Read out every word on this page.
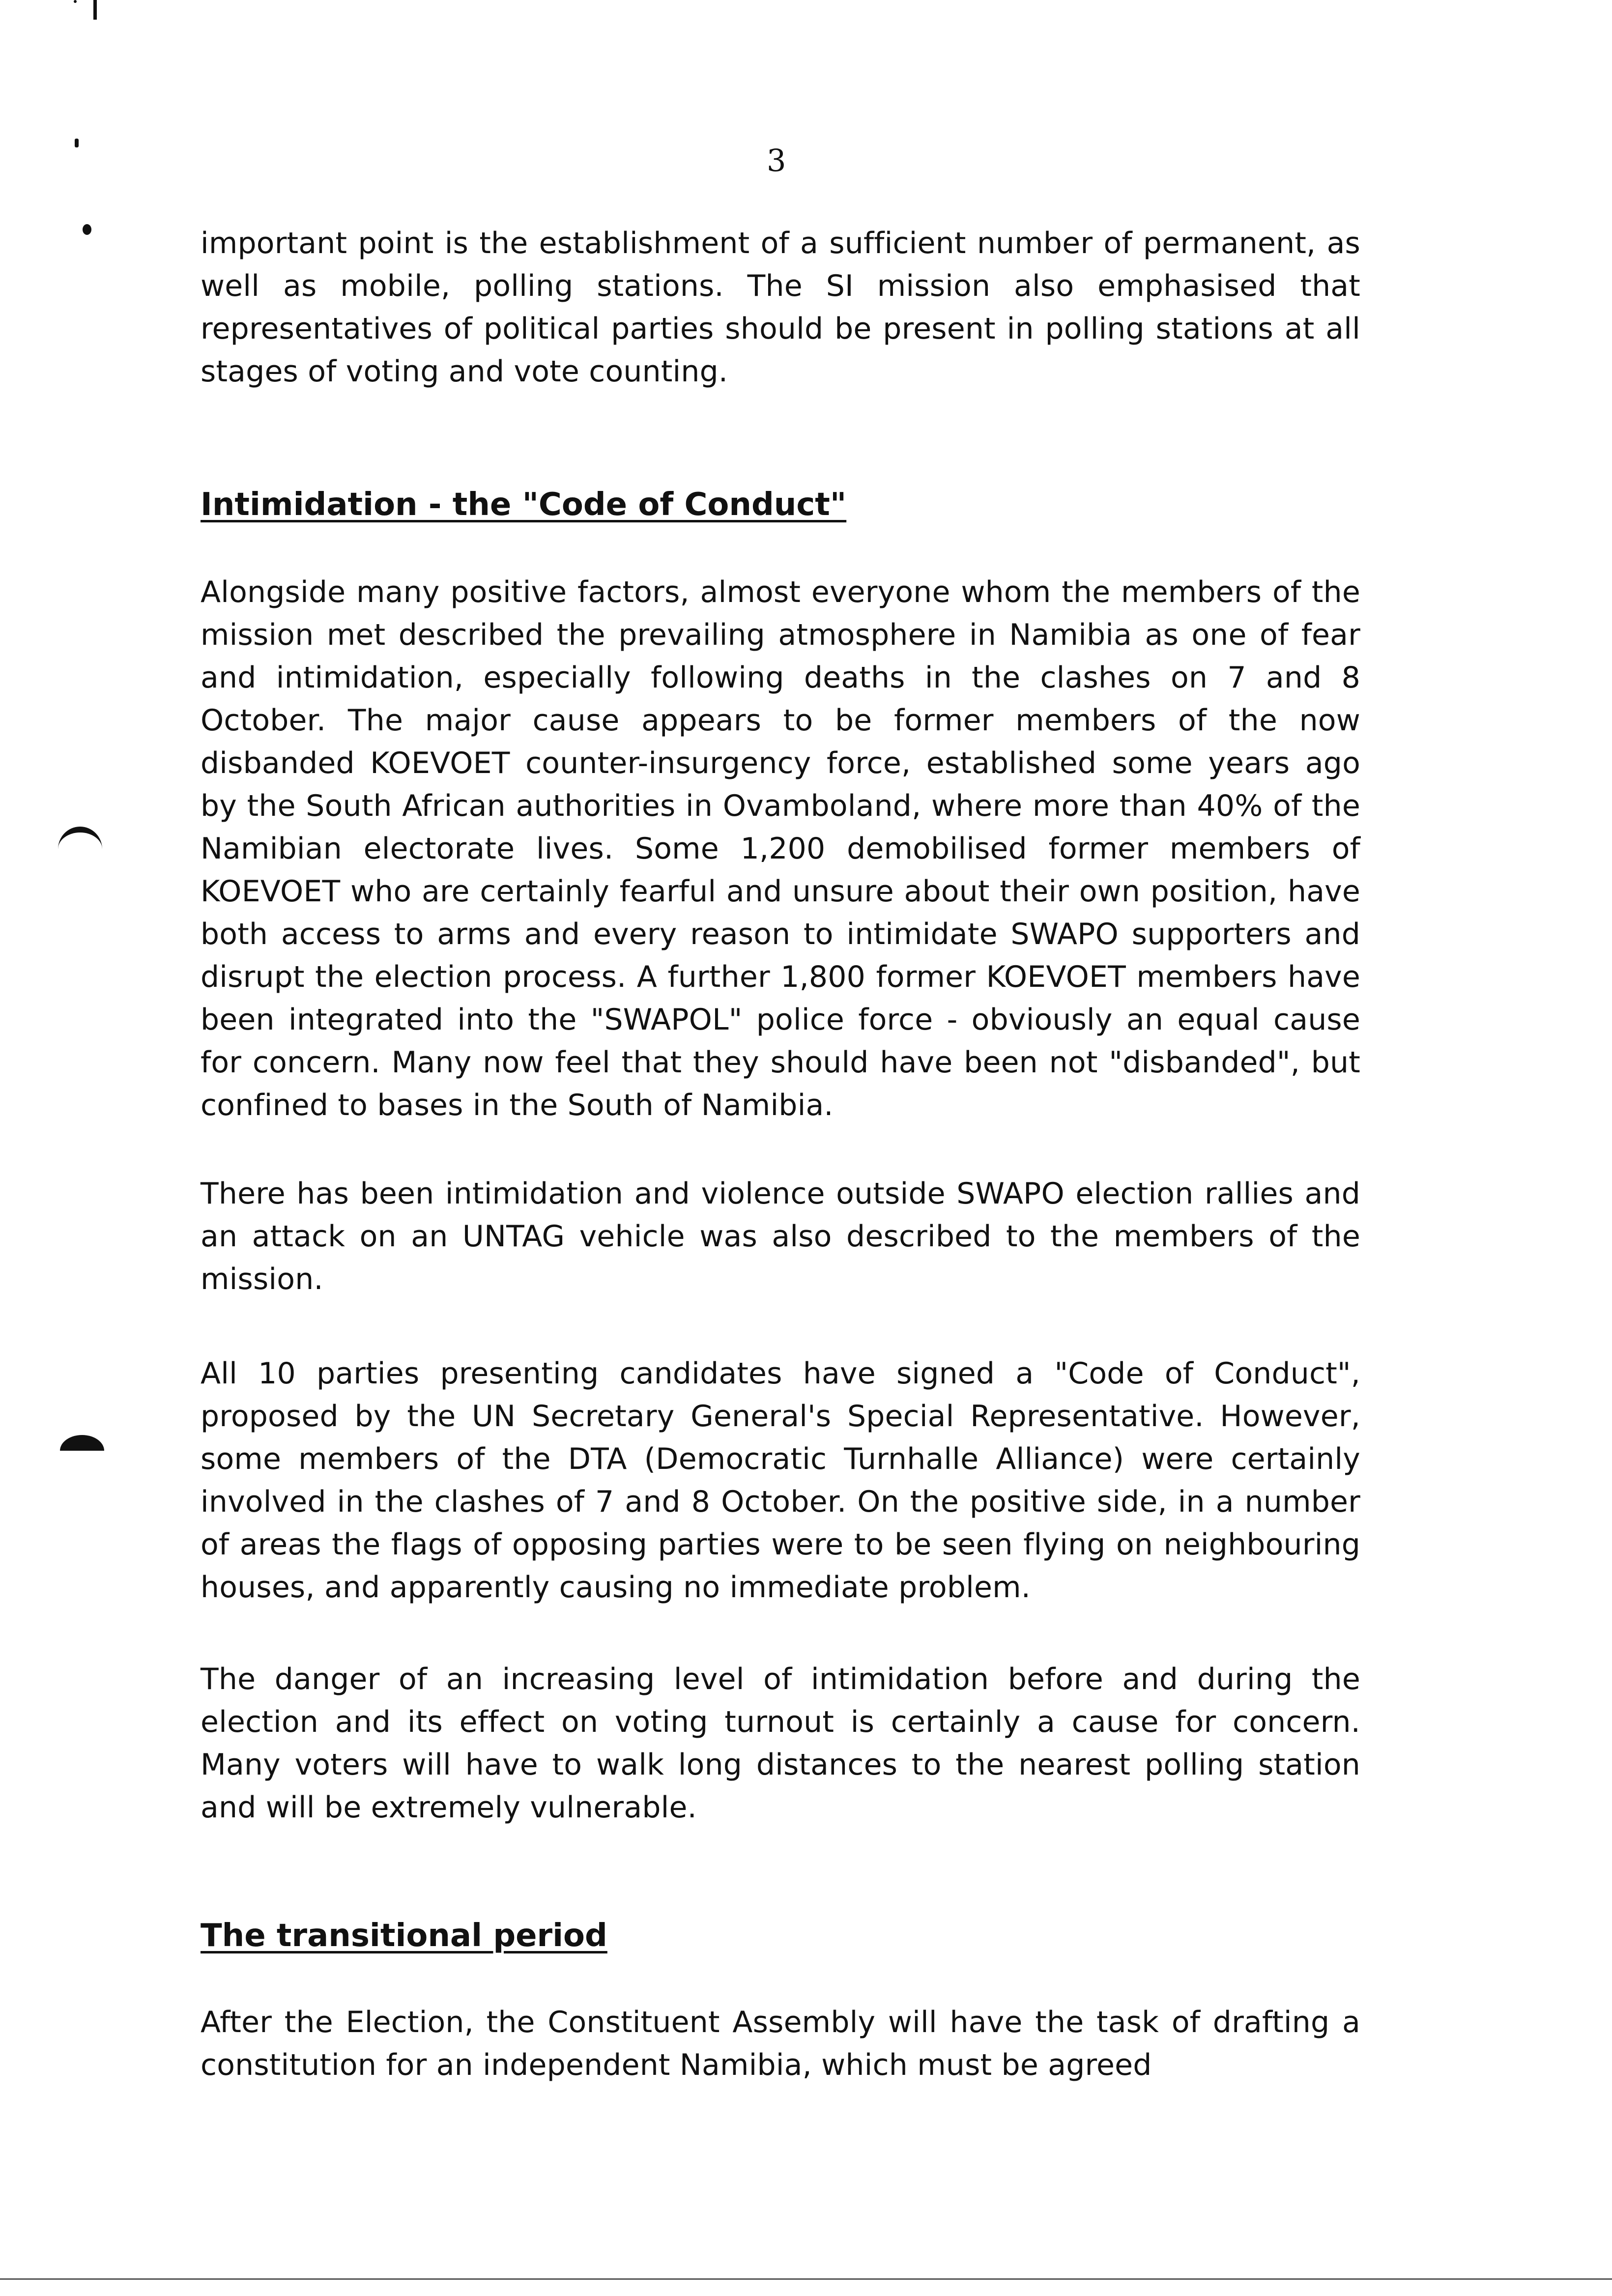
3

important point is the establishment of a sufficient number of permanent, as well as mobile, polling stations. The SI mission also emphasised that representatives of political parties should be present in polling stations at all stages of voting and vote counting.

Intimidation - the "Code of Conduct"

Alongside many positive factors, almost everyone whom the members of the mission met described the prevailing atmosphere in Namibia as one of fear and intimidation, especially following deaths in the clashes on 7 and 8 October. The major cause appears to be former members of the now disbanded KOEVOET counter-insurgency force, established some years ago by the South African authorities in Ovamboland, where more than 40% of the Namibian electorate lives. Some 1,200 demobilised former members of KOEVOET who are certainly fearful and unsure about their own position, have both access to arms and every reason to intimidate SWAPO supporters and disrupt the election process. A further 1,800 former KOEVOET members have been integrated into the "SWAPOL" police force - obviously an equal cause for concern. Many now feel that they should have been not "disbanded", but confined to bases in the South of Namibia.

There has been intimidation and violence outside SWAPO election rallies and an attack on an UNTAG vehicle was also described to the members of the mission.

All 10 parties presenting candidates have signed a "Code of Conduct", proposed by the UN Secretary General's Special Representative. However, some members of the DTA (Democratic Turnhalle Alliance) were certainly involved in the clashes of 7 and 8 October. On the positive side, in a number of areas the flags of opposing parties were to be seen flying on neighbouring houses, and apparently causing no immediate problem.

The danger of an increasing level of intimidation before and during the election and its effect on voting turnout is certainly a cause for concern. Many voters will have to walk long distances to the nearest polling station and will be extremely vulnerable.

The transitional period

After the Election, the Constituent Assembly will have the task of drafting a constitution for an independent Namibia, which must be agreed
